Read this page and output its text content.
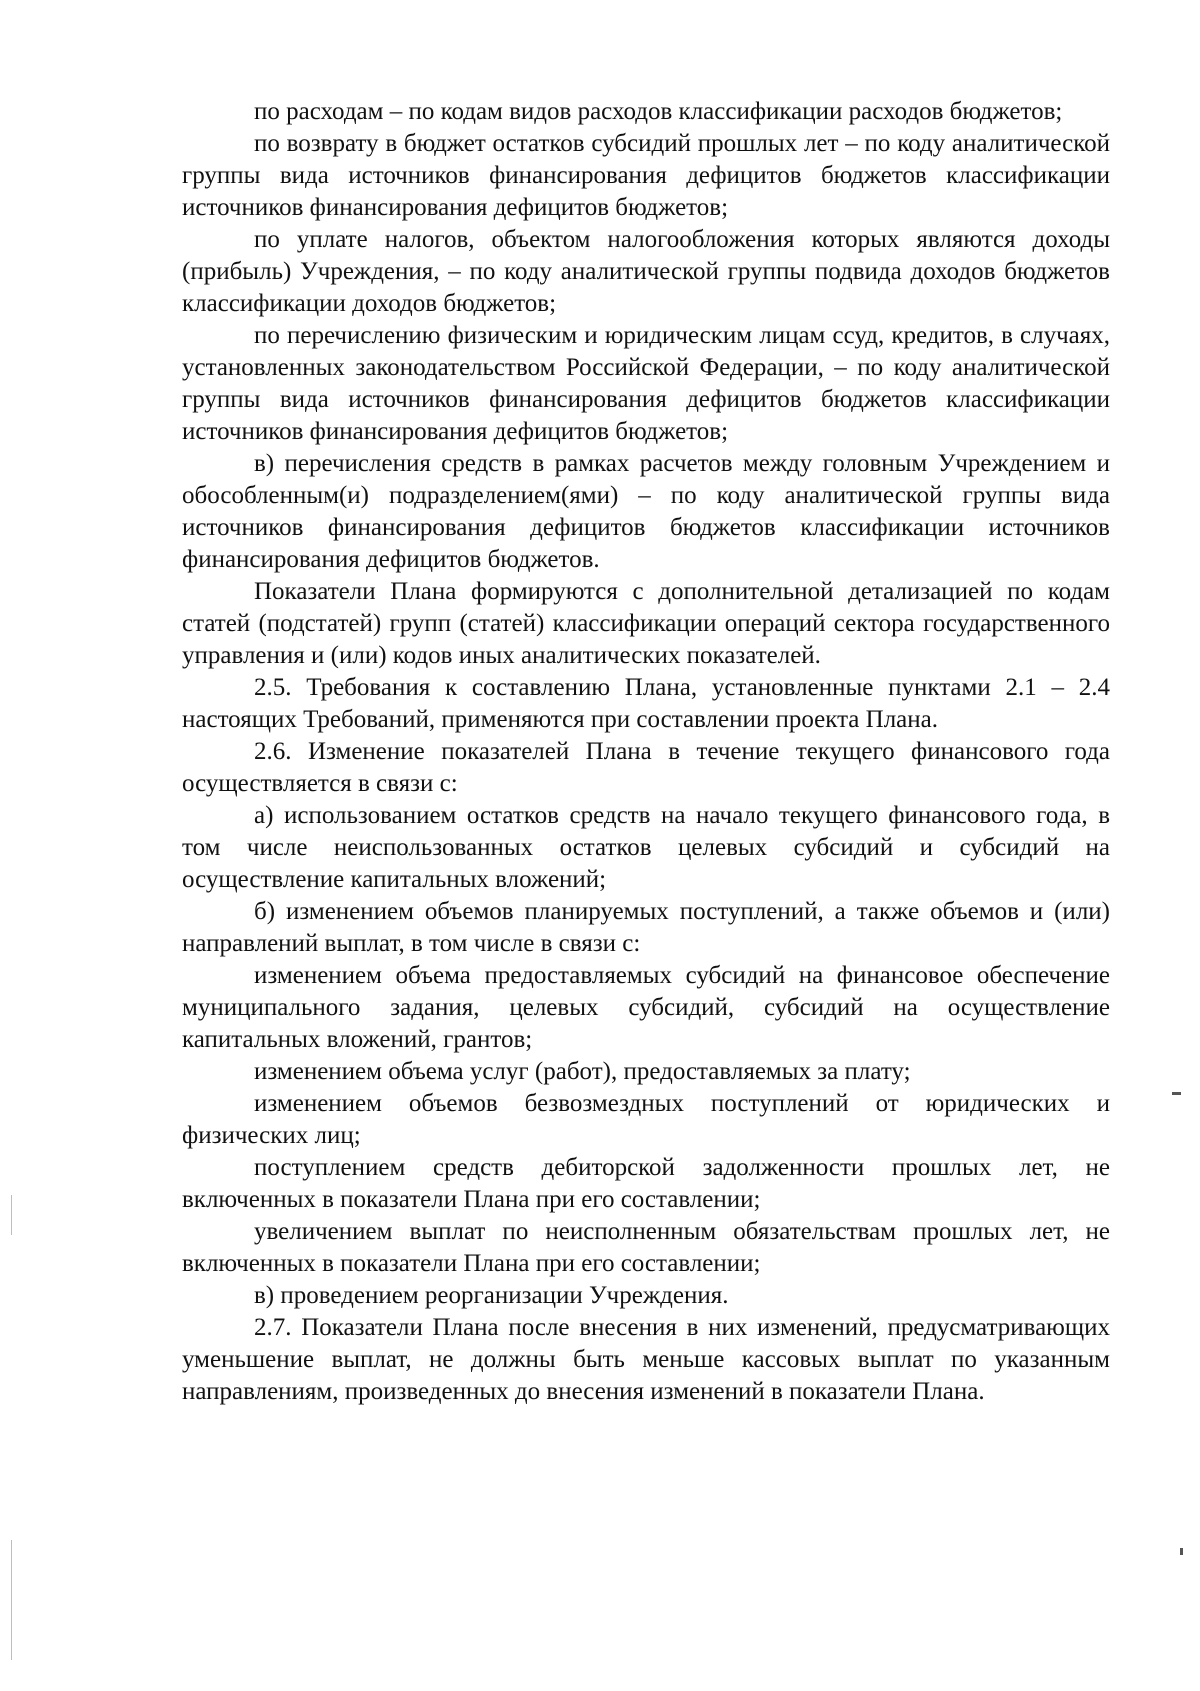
по расходам – по кодам видов расходов классификации расходов бюджетов;

по возврату в бюджет остатков субсидий прошлых лет – по коду аналитической группы вида источников финансирования дефицитов бюджетов классификации источников финансирования дефицитов бюджетов;

по уплате налогов, объектом налогообложения которых являются доходы (прибыль) Учреждения, – по коду аналитической группы подвида доходов бюджетов классификации доходов бюджетов;

по перечислению физическим и юридическим лицам ссуд, кредитов, в случаях, установленных законодательством Российской Федерации, – по коду аналитической группы вида источников финансирования дефицитов бюджетов классификации источников финансирования дефицитов бюджетов;

в) перечисления средств в рамках расчетов между головным Учреждением и обособленным(и) подразделением(ями) – по коду аналитической группы вида источников финансирования дефицитов бюджетов классификации источников финансирования дефицитов бюджетов.

Показатели Плана формируются с дополнительной детализацией по кодам статей (подстатей) групп (статей) классификации операций сектора государственного управления и (или) кодов иных аналитических показателей.

2.5. Требования к составлению Плана, установленные пунктами 2.1 – 2.4 настоящих Требований, применяются при составлении проекта Плана.

2.6. Изменение показателей Плана в течение текущего финансового года осуществляется в связи с:

а) использованием остатков средств на начало текущего финансового года, в том числе неиспользованных остатков целевых субсидий и субсидий на осуществление капитальных вложений;

б) изменением объемов планируемых поступлений, а также объемов и (или) направлений выплат, в том числе в связи с:

изменением объема предоставляемых субсидий на финансовое обеспечение муниципального задания, целевых субсидий, субсидий на осуществление капитальных вложений, грантов;

изменением объема услуг (работ), предоставляемых за плату;

изменением объемов безвозмездных поступлений от юридических и физических лиц;

поступлением средств дебиторской задолженности прошлых лет, не включенных в показатели Плана при его составлении;

увеличением выплат по неисполненным обязательствам прошлых лет, не включенных в показатели Плана при его составлении;

в) проведением реорганизации Учреждения.

2.7. Показатели Плана после внесения в них изменений, предусматривающих уменьшение выплат, не должны быть меньше кассовых выплат по указанным направлениям, произведенных до внесения изменений в показатели Плана.
